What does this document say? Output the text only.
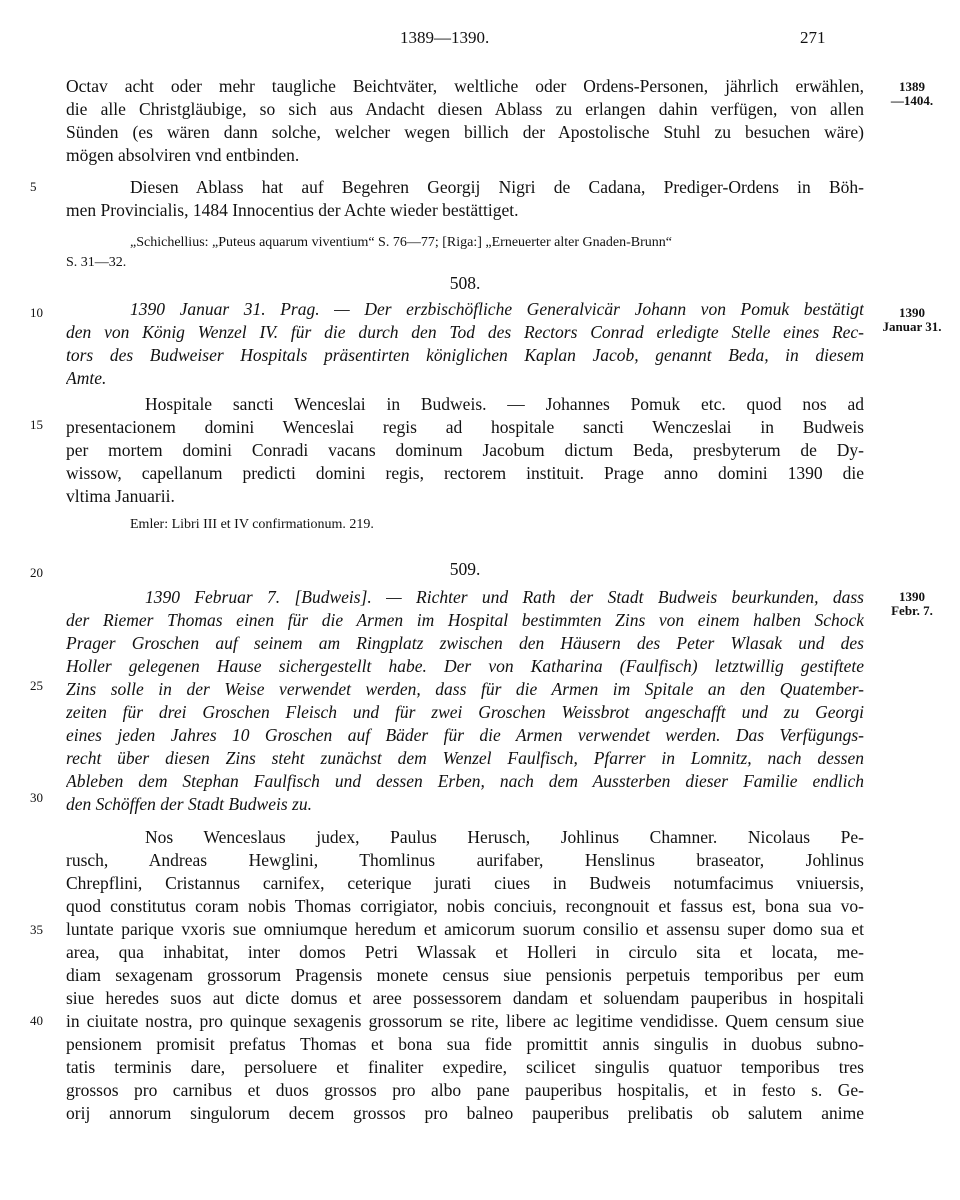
1389—1390.	271
1389
—1404.
1390
Januar 31.
1390
Febr. 7.
5
10
15
20
25
30
35
40
Octav acht oder mehr taugliche Beichtväter, weltliche oder Ordens-Personen, jährlich erwählen,
die alle Christgläubige, so sich aus Andacht diesen Ablass zu erlangen dahin verfügen, von allen
Sünden (es wären dann solche, welcher wegen billich der Apostolische Stuhl zu besuchen wäre)
mögen absolviren vnd entbinden.
Diesen Ablass hat auf Begehren Georgij Nigri de Cadana, Prediger-Ordens in Böh-
men Provincialis, 1484 Innocentius der Achte wieder bestättiget.
„Schichellius: „Puteus aquarum viventium“ S. 76—77; [Riga:] „Erneuerter alter Gnaden-Brunn“
S. 31—32.
508.
1390 Januar 31. Prag. — Der erzbischöfliche Generalvicär Johann von Pomuk bestätigt
den von König Wenzel IV. für die durch den Tod des Rectors Conrad erledigte Stelle eines Rec-
tors des Budweiser Hospitals präsentirten königlichen Kaplan Jacob, genannt Beda, in diesem
Amte.
Hospitale sancti Wenceslai in Budweis. — Johannes Pomuk etc. quod nos ad
presentacionem domini Wenceslai regis ad hospitale sancti Wenczeslai in Budweis
per mortem domini Conradi vacans dominum Jacobum dictum Beda, presbyterum de Dy-
wissow, capellanum predicti domini regis, rectorem instituit. Prage anno domini 1390 die
vltima Januarii.
Emler: Libri III et IV confirmationum. 219.
509.
1390 Februar 7. [Budweis]. — Richter und Rath der Stadt Budweis beurkunden, dass
der Riemer Thomas einen für die Armen im Hospital bestimmten Zins von einem halben Schock
Prager Groschen auf seinem am Ringplatz zwischen den Häusern des Peter Wlasak und des
Holler gelegenen Hause sichergestellt habe. Der von Katharina (Faulfisch) letztwillig gestiftete
Zins solle in der Weise verwendet werden, dass für die Armen im Spitale an den Quatember-
zeiten für drei Groschen Fleisch und für zwei Groschen Weissbrot angeschafft und zu Georgi
eines jeden Jahres 10 Groschen auf Bäder für die Armen verwendet werden. Das Verfügungs-
recht über diesen Zins steht zunächst dem Wenzel Faulfisch, Pfarrer in Lomnitz, nach dessen
Ableben dem Stephan Faulfisch und dessen Erben, nach dem Aussterben dieser Familie endlich
den Schöffen der Stadt Budweis zu.
Nos Wenceslaus judex, Paulus Herusch, Johlinus Chamner. Nicolaus Pe-
rusch, Andreas Hewglini, Thomlinus aurifaber, Henslinus braseator, Johlinus
Chrepflini, Cristannus carnifex, ceterique jurati ciues in Budweis notumfacimus vniuersis,
quod constitutus coram nobis Thomas corrigiator, nobis conciuis, recongnouit et fassus est, bona sua vo-
luntate parique vxoris sue omniumque heredum et amicorum suorum consilio et assensu super domo sua et
area, qua inhabitat, inter domos Petri Wlassak et Holleri in circulo sita et locata, me-
diam sexagenam grossorum Pragensis monete census siue pensionis perpetuis temporibus per eum
siue heredes suos aut dicte domus et aree possessorem dandam et soluendam pauperibus in hospitali
in ciuitate nostra, pro quinque sexagenis grossorum se rite, libere ac legitime vendidisse. Quem censum siue
pensionem promisit prefatus Thomas et bona sua fide promittit annis singulis in duobus subno-
tatis terminis dare, persoluere et finaliter expedire, scilicet singulis quatuor temporibus tres
grossos pro carnibus et duos grossos pro albo pane pauperibus hospitalis, et in festo s. Ge-
orij annorum singulorum decem grossos pro balneo pauperibus prelibatis ob salutem anime
